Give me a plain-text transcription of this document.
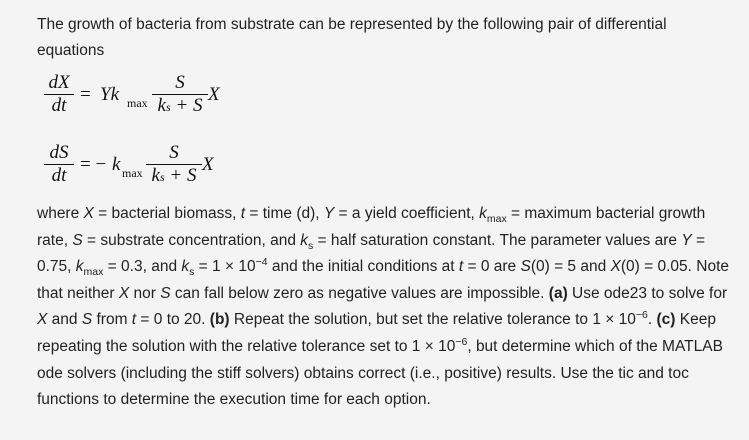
The growth of bacteria from substrate can be represented by the following pair of differential equations
dX
dt
= Yk max
S
ks + S
X
dS
dt
= − k max
S
ks + S
X
where X = bacterial biomass, t = time (d), Y = a yield coefficient, $k_{max}$ = maximum bacterial growth rate, S = substrate concentration, and $k_s$ = half saturation constant. The parameter values are Y = 0.75, $k_{max} = 0.3$, and $k_s = 1 \times 10^{-4}$ and the initial conditions at t = 0 are S(0) = 5 and X(0) = 0.05. Note that neither X nor S can fall below zero as negative values are impossible. (a) Use ode23 to solve for X and S from t = 0 to 20. (b) Repeat the solution, but set the relative tolerance to $1 \times 10^{-6}$. (c) Keep repeating the solution with the relative tolerance set to $1 \times 10^{-6}$, but determine which of the MATLAB ode solvers (including the stiff solvers) obtains correct (i.e., positive) results. Use the tic and toc functions to determine the execution time for each option.
